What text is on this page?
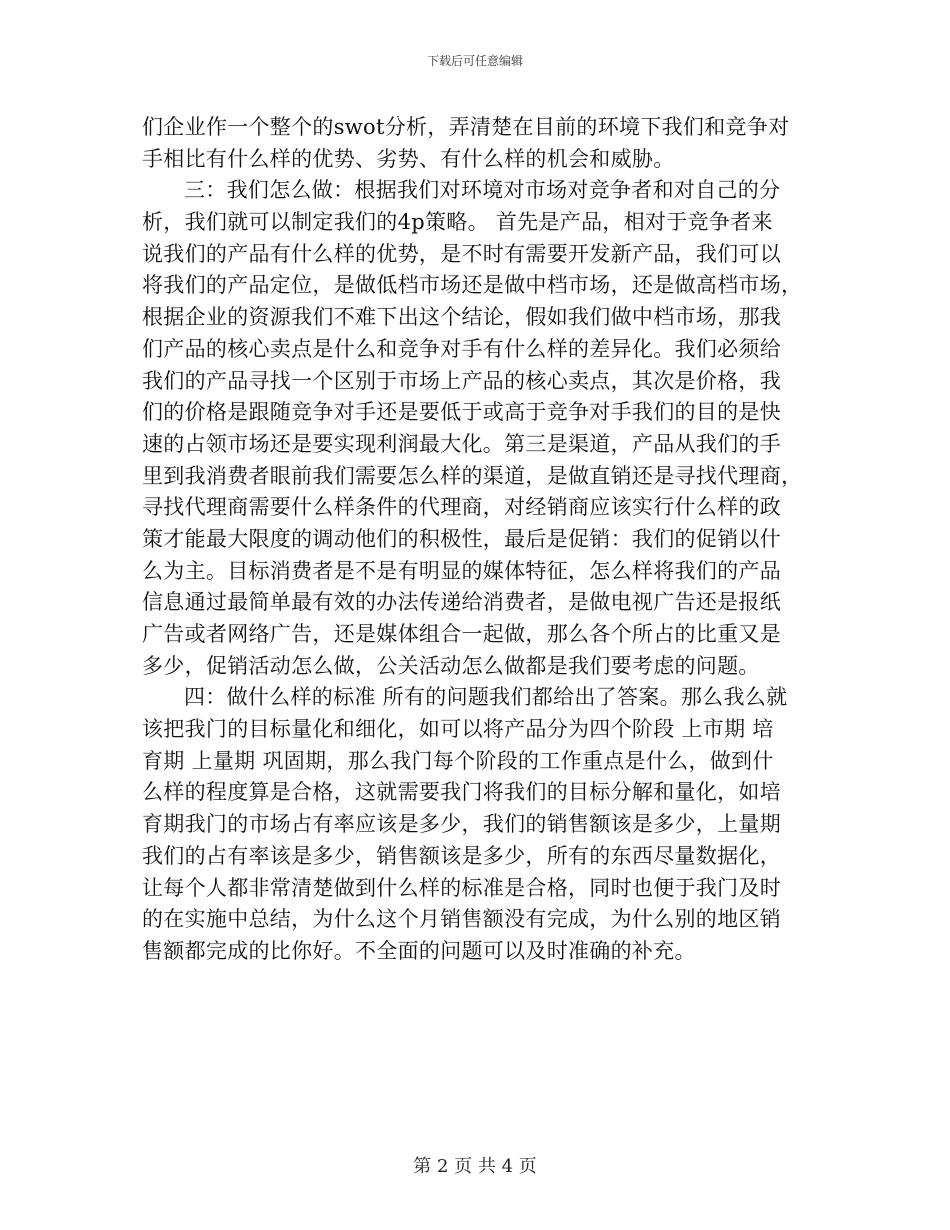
下载后可任意编辑
们企业作一个整个的swot分析，弄清楚在目前的环境下我们和竞争对
手相比有什么样的优势、劣势、有什么样的机会和威胁。
三：我们怎么做：根据我们对环境对市场对竞争者和对自己的分
析，我们就可以制定我们的4p策略。 首先是产品，相对于竞争者来
说我们的产品有什么样的优势，是不时有需要开发新产品，我们可以
将我们的产品定位，是做低档市场还是做中档市场，还是做高档市场，
根据企业的资源我们不难下出这个结论，假如我们做中档市场，那我
们产品的核心卖点是什么和竞争对手有什么样的差异化。我们必须给
我们的产品寻找一个区别于市场上产品的核心卖点，其次是价格，我
们的价格是跟随竞争对手还是要低于或高于竞争对手我们的目的是快
速的占领市场还是要实现利润最大化。第三是渠道，产品从我们的手
里到我消费者眼前我们需要怎么样的渠道，是做直销还是寻找代理商，
寻找代理商需要什么样条件的代理商，对经销商应该实行什么样的政
策才能最大限度的调动他们的积极性，最后是促销：我们的促销以什
么为主。目标消费者是不是有明显的媒体特征，怎么样将我们的产品
信息通过最简单最有效的办法传递给消费者，是做电视广告还是报纸
广告或者网络广告，还是媒体组合一起做，那么各个所占的比重又是
多少，促销活动怎么做，公关活动怎么做都是我们要考虑的问题。
四：做什么样的标准 所有的问题我们都给出了答案。那么我么就
该把我门的目标量化和细化，如可以将产品分为四个阶段 上市期 培
育期 上量期 巩固期，那么我门每个阶段的工作重点是什么，做到什
么样的程度算是合格，这就需要我门将我们的目标分解和量化，如培
育期我门的市场占有率应该是多少，我们的销售额该是多少，上量期
我们的占有率该是多少，销售额该是多少，所有的东西尽量数据化，
让每个人都非常清楚做到什么样的标准是合格，同时也便于我门及时
的在实施中总结，为什么这个月销售额没有完成，为什么别的地区销
售额都完成的比你好。不全面的问题可以及时准确的补充。
第 2 页 共 4 页
